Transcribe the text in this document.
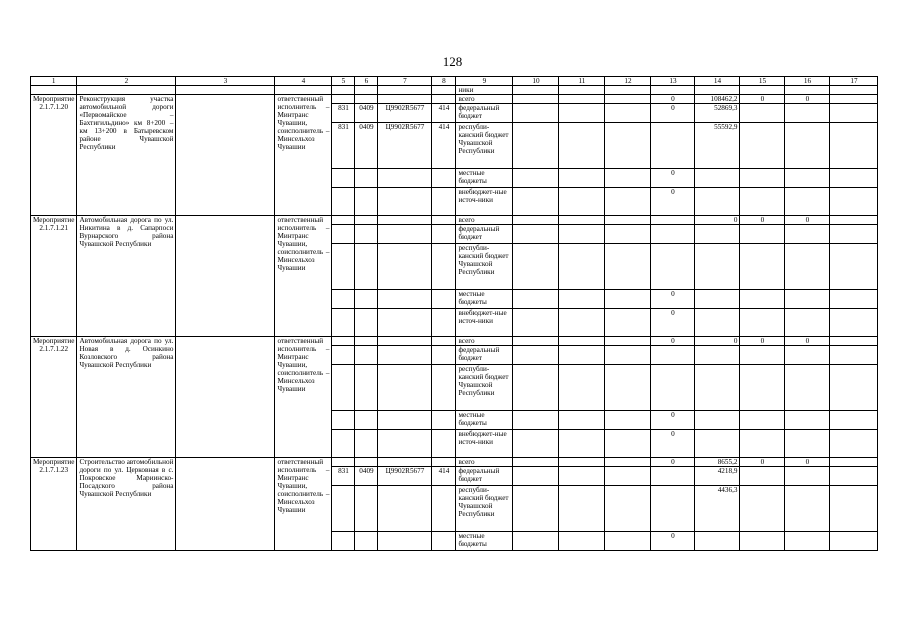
128
1	2	3	4	5	6	7	8	9	10	11	12	13	14	15	16	17
								ники								
Мероприятие 2.1.7.1.20	Реконструкция участка автомобильной дороги «Первомайское – Бахтигильдино» км 8+200 – км 13+200 в Батыревском районе Чувашской Республики		ответственный исполнитель – Минтранс Чувашии, соисполнитель – Минсельхоз Чувашии					всего				0	108462,2	0	0	
				831	0409	Ц9902R5677	414	федеральный бюджет				0	52869,3			
				831	0409	Ц9902R5677	414	республи-канский бюджет Чувашской Республики					55592,9			
								местные бюджеты				0				
								внебюджет-ные источ-ники				0				
Мероприятие 2.1.7.1.21	Автомобильная дорога по ул. Никитина в д. Сапарпоси Вурнарского района Чувашской Республики		ответственный исполнитель – Минтранс Чувашии, соисполнитель – Минсельхоз Чувашии					всего					0	0	0	
								федеральный бюджет								
								республи-канский бюджет Чувашской Республики								
								местные бюджеты				0				
								внебюджет-ные источ-ники				0				
Мероприятие 2.1.7.1.22	Автомобильная дорога по ул. Новая в д. Осинкино Козловского района Чувашской Республики		ответственный исполнитель – Минтранс Чувашии, соисполнитель – Минсельхоз Чувашии					всего				0	0	0	0	
								федеральный бюджет								
								республи-канский бюджет Чувашской Республики								
								местные бюджеты				0				
								внебюджет-ные источ-ники				0				
Мероприятие 2.1.7.1.23	Строительство автомобильной дороги по ул. Церковная в с. Покровское Мариинско-Посадского района Чувашской Республики		ответственный исполнитель – Минтранс Чувашии, соисполнитель – Минсельхоз Чувашии					всего				0	8655,2	0	0	
				831	0409	Ц9902R5677	414	федеральный бюджет					4218,9			
								республи-канский бюджет Чувашской Республики					4436,3			
								местные бюджеты				0				
